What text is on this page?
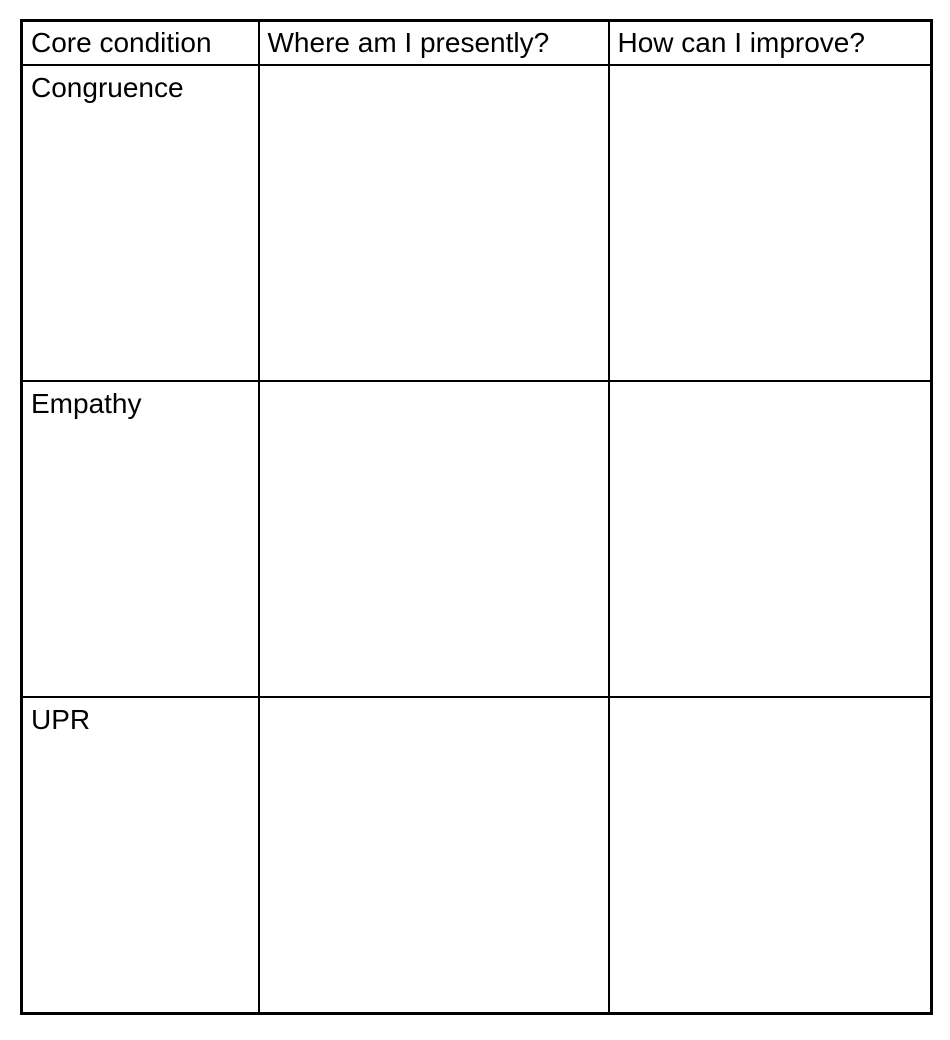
Core condition	Where am I presently?	How can I improve?
Congruence		
Empathy		
UPR		
